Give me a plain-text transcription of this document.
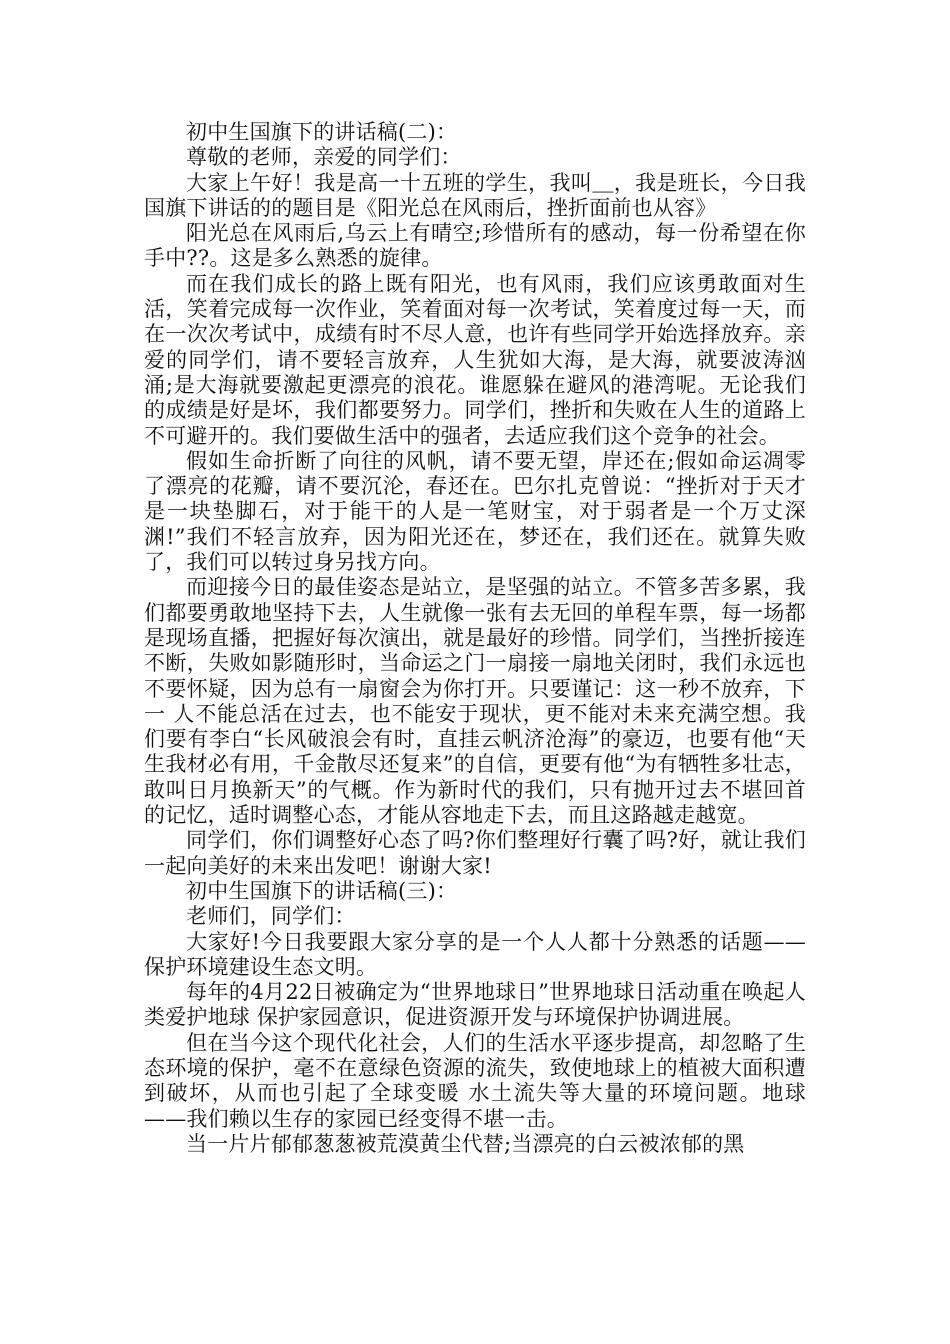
初中生国旗下的讲话稿(二)：

尊敬的老师，亲爱的同学们：

大家上午好！我是高一十五班的学生，我叫＿，我是班长，今日我国旗下讲话的的题目是《阳光总在风雨后，挫折面前也从容》

阳光总在风雨后,乌云上有晴空;珍惜所有的感动，每一份希望在你手中??。这是多么熟悉的旋律。

而在我们成长的路上既有阳光，也有风雨，我们应该勇敢面对生活，笑着完成每一次作业，笑着面对每一次考试，笑着度过每一天，而在一次次考试中，成绩有时不尽人意，也许有些同学开始选择放弃。亲爱的同学们，请不要轻言放弃，人生犹如大海，是大海，就要波涛汹涌;是大海就要激起更漂亮的浪花。谁愿躲在避风的港湾呢。无论我们的成绩是好是坏，我们都要努力。同学们，挫折和失败在人生的道路上不可避开的。我们要做生活中的强者，去适应我们这个竞争的社会。

假如生命折断了向往的风帆，请不要无望，岸还在;假如命运凋零了漂亮的花瓣，请不要沉沦，春还在。巴尔扎克曾说：“挫折对于天才是一块垫脚石，对于能干的人是一笔财宝，对于弱者是一个万丈深渊!”我们不轻言放弃，因为阳光还在，梦还在，我们还在。就算失败了，我们可以转过身另找方向。

而迎接今日的最佳姿态是站立，是坚强的站立。不管多苦多累，我们都要勇敢地坚持下去，人生就像一张有去无回的单程车票，每一场都是现场直播，把握好每次演出，就是最好的珍惜。同学们，当挫折接连不断，失败如影随形时，当命运之门一扇接一扇地关闭时，我们永远也不要怀疑，因为总有一扇窗会为你打开。只要谨记：这一秒不放弃，下一 人不能总活在过去，也不能安于现状，更不能对未来充满空想。我们要有李白“长风破浪会有时，直挂云帆济沧海”的豪迈，也要有他“天生我材必有用，千金散尽还复来”的自信，更要有他“为有牺牲多壮志，敢叫日月换新天”的气概。作为新时代的我们，只有抛开过去不堪回首的记忆，适时调整心态，才能从容地走下去，而且这路越走越宽。

同学们，你们调整好心态了吗?你们整理好行囊了吗?好，就让我们一起向美好的未来出发吧！谢谢大家!

初中生国旗下的讲话稿(三)：

老师们，同学们：

大家好!今日我要跟大家分享的是一个人人都十分熟悉的话题——保护环境建设生态文明。

每年的4月22日被确定为“世界地球日”世界地球日活动重在唤起人类爱护地球 保护家园意识，促进资源开发与环境保护协调进展。

但在当今这个现代化社会，人们的生活水平逐步提高，却忽略了生态环境的保护，毫不在意绿色资源的流失，致使地球上的植被大面积遭到破坏，从而也引起了全球变暖 水土流失等大量的环境问题。地球——我们赖以生存的家园已经变得不堪一击。

当一片片郁郁葱葱被荒漠黄尘代替;当漂亮的白云被浓郁的黑
